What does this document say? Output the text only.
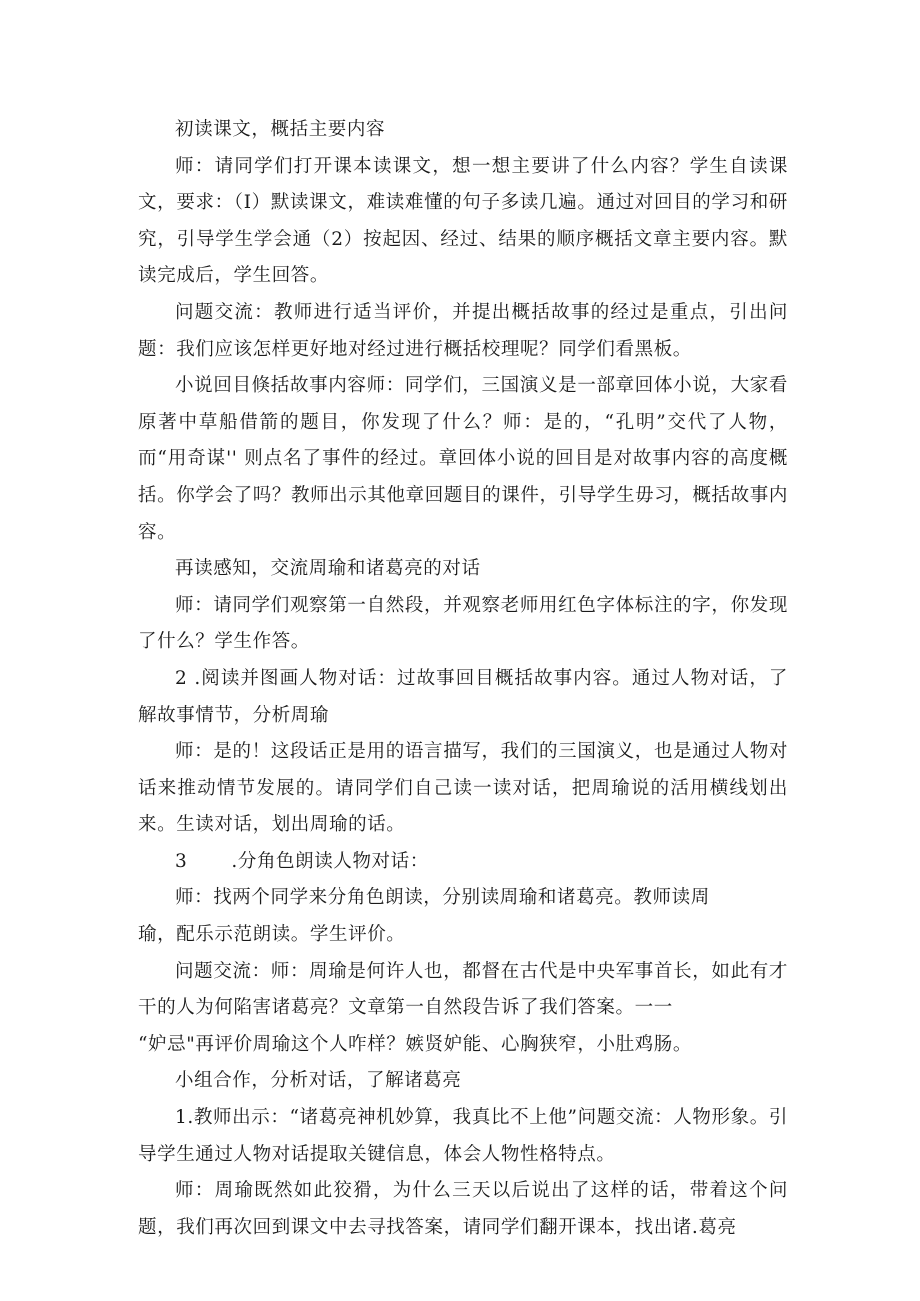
初读课文，概括主要内容

师：请同学们打开课本读课文，想一想主要讲了什么内容？学生自读课文，要求：（I）默读课文，难读难懂的句子多读几遍。通过对回目的学习和研究，引导学生学会通（2）按起因、经过、结果的顺序概括文章主要内容。默读完成后，学生回答。

问题交流：教师进行适当评价，并提出概括故事的经过是重点，引出问题：我们应该怎样更好地对经过进行概括校理呢？同学们看黑板。

小说回目倏括故事内容师：同学们，三国演义是一部章回体小说，大家看原著中草船借箭的题目，你发现了什么？师：是的，“孔明”交代了人物，而“用奇谋'' 则点名了事件的经过。章回体小说的回目是对故事内容的高度概括。你学会了吗？教师出示其他章回题目的课件，引导学生毋习，概括故事内容。

再读感知，交流周瑜和诸葛亮的对话

师：请同学们观察第一自然段，并观察老师用红色字体标注的字，你发现了什么？学生作答。

2 .阅读并图画人物对话：过故事回目概括故事内容。通过人物对话，了解故事情节，分析周瑜

师：是的！这段话正是用的语言描写，我们的三国演义，也是通过人物对话来推动情节发展的。请同学们自己读一读对话，把周瑜说的活用横线划出来。生读对话，划出周瑜的话。

3 .分角色朗读人物对话：

师：找两个同学来分角色朗读，分别读周瑜和诸葛亮。教师读周

瑜，配乐示范朗读。学生评价。

问题交流：师：周瑜是何许人也，都督在古代是中央军事首长，如此有才干的人为何陷害诸葛亮？文章第一自然段告诉了我们答案。一一

“妒忌"再评价周瑜这个人咋样？嫉贤妒能、心胸狭窄，小肚鸡肠。

小组合作，分析对话，了解诸葛亮

1.教师出示：“诸葛亮神机妙算，我真比不上他”问题交流：人物形象。引导学生通过人物对话提取关键信息，体会人物性格特点。

师：周瑜既然如此狡猾，为什么三天以后说出了这样的话，带着这个问题，我们再次回到课文中去寻找答案，请同学们翻开课本，找出诸.葛亮
